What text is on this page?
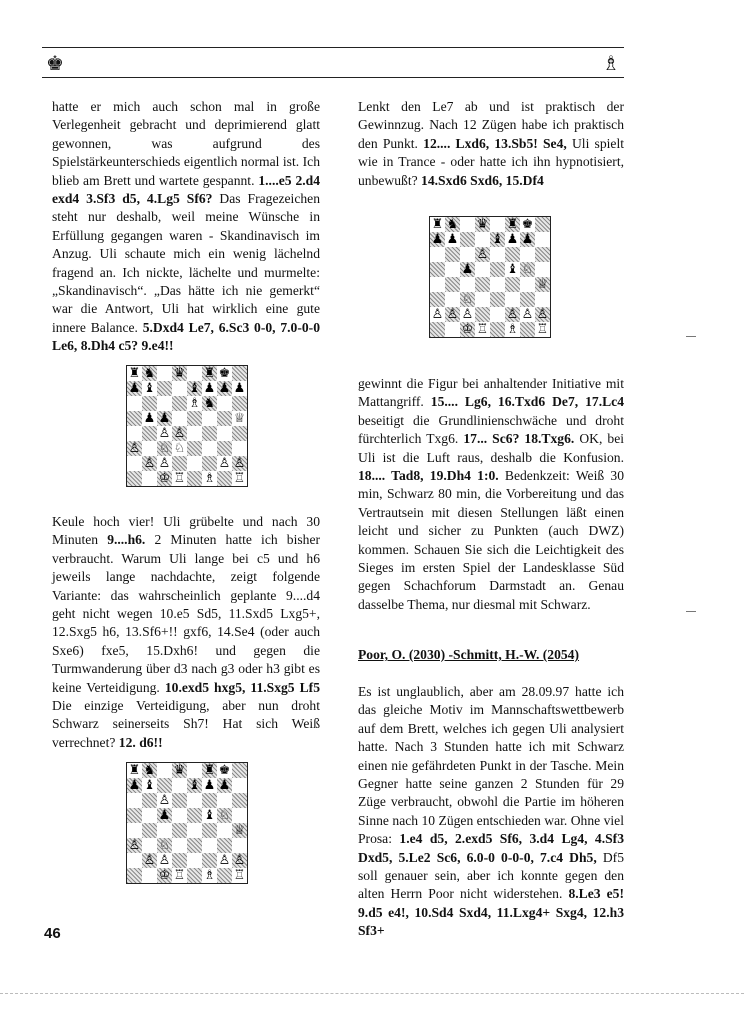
♚	♗

hatte er mich auch schon mal in große Verlegenheit gebracht und deprimierend glatt gewonnen, was aufgrund des Spielstärkeunterschieds eigentlich normal ist. Ich blieb am Brett und wartete gespannt. 1....e5 2.d4 exd4 3.Sf3 d5, 4.Lg5 Sf6? Das Fragezeichen steht nur deshalb, weil meine Wünsche in Erfüllung gegangen waren - Skandinavisch im Anzug. Uli schaute mich ein wenig lächelnd fragend an. Ich nickte, lächelte und murmelte: „Skandinavisch“. „Das hätte ich nie gemerkt“ war die Antwort, Uli hat wirklich eine gute innere Balance. 5.Dxd4 Le7, 6.Sc3 0-0, 7.0-0-0 Le6, 8.Dh4 c5? 9.e4!!

♜ ♞ ♛ ♜ ♚
♟ ♝	♝ ♟ ♟ ♟
♗ ♞
♟ ♟	♕
♙ ♙
♙ ♘ ♘
♙ ♙	♙ ♙
♔ ♖ ♗ ♖

Keule hoch vier! Uli grübelte und nach 30 Minuten 9....h6. 2 Minuten hatte ich bisher verbraucht. Warum Uli lange bei c5 und h6 jeweils lange nachdachte, zeigt folgende Variante: das wahrscheinlich geplante 9....d4 geht nicht wegen 10.e5 Sd5, 11.Sxd5 Lxg5+, 12.Sxg5 h6, 13.Sf6+!! gxf6, 14.Se4 (oder auch Sxe6) fxe5, 15.Dxh6! und gegen die Turmwanderung über d3 nach g3 oder h3 gibt es keine Verteidigung. 10.exd5 hxg5, 11.Sxg5 Lf5 Die einzige Verteidigung, aber nun droht Schwarz seinerseits Sh7! Hat sich Weiß verrechnet? 12. d6!!

♜ ♞ ♛ ♜ ♚
♟ ♝	♝ ♟ ♟
♙
♟	♝ ♘
♕
♙ ♘
♙ ♙	♙ ♙
♔ ♖ ♗ ♖

Lenkt den Le7 ab und ist praktisch der Gewinnzug. Nach 12 Zügen habe ich praktisch den Punkt. 12.... Lxd6, 13.Sb5! Se4, Uli spielt wie in Trance - oder hatte ich ihn hypnotisiert, unbewußt? 14.Sxd6 Sxd6, 15.Df4

♜ ♞ ♛ ♜ ♚
♟ ♟	♝ ♟ ♟
♙
♟	♝ ♘
♕
♘
♙ ♙ ♙	♙ ♙ ♙
♔ ♖ ♗ ♖

gewinnt die Figur bei anhaltender Initiative mit Mattangriff. 15.... Lg6, 16.Txd6 De7, 17.Lc4 beseitigt die Grundlinienschwäche und droht fürchterlich Txg6. 17... Sc6? 18.Txg6. OK, bei Uli ist die Luft raus, deshalb die Konfusion. 18.... Tad8, 19.Dh4 1:0. Bedenkzeit: Weiß 30 min, Schwarz 80 min, die Vorbereitung und das Vertrautsein mit diesen Stellungen läßt einen leicht und sicher zu Punkten (auch DWZ) kommen. Schauen Sie sich die Leichtigkeit des Sieges im ersten Spiel der Landesklasse Süd gegen Schachforum Darmstadt an. Genau dasselbe Thema, nur diesmal mit Schwarz.

Poor, O. (2030) -Schmitt, H.-W. (2054)

Es ist unglaublich, aber am 28.09.97 hatte ich das gleiche Motiv im Mannschaftswettbewerb auf dem Brett, welches ich gegen Uli analysiert hatte. Nach 3 Stunden hatte ich mit Schwarz einen nie gefährdeten Punkt in der Tasche. Mein Gegner hatte seine ganzen 2 Stunden für 29 Züge verbraucht, obwohl die Partie im höheren Sinne nach 10 Zügen entschieden war. Ohne viel Prosa: 1.e4 d5, 2.exd5 Sf6, 3.d4 Lg4, 4.Sf3 Dxd5, 5.Le2 Sc6, 6.0-0 0-0-0, 7.c4 Dh5, Df5 soll genauer sein, aber ich konnte gegen den alten Herrn Poor nicht widerstehen. 8.Le3 e5! 9.d5 e4!, 10.Sd4 Sxd4, 11.Lxg4+ Sxg4, 12.h3 Sf3+

46
